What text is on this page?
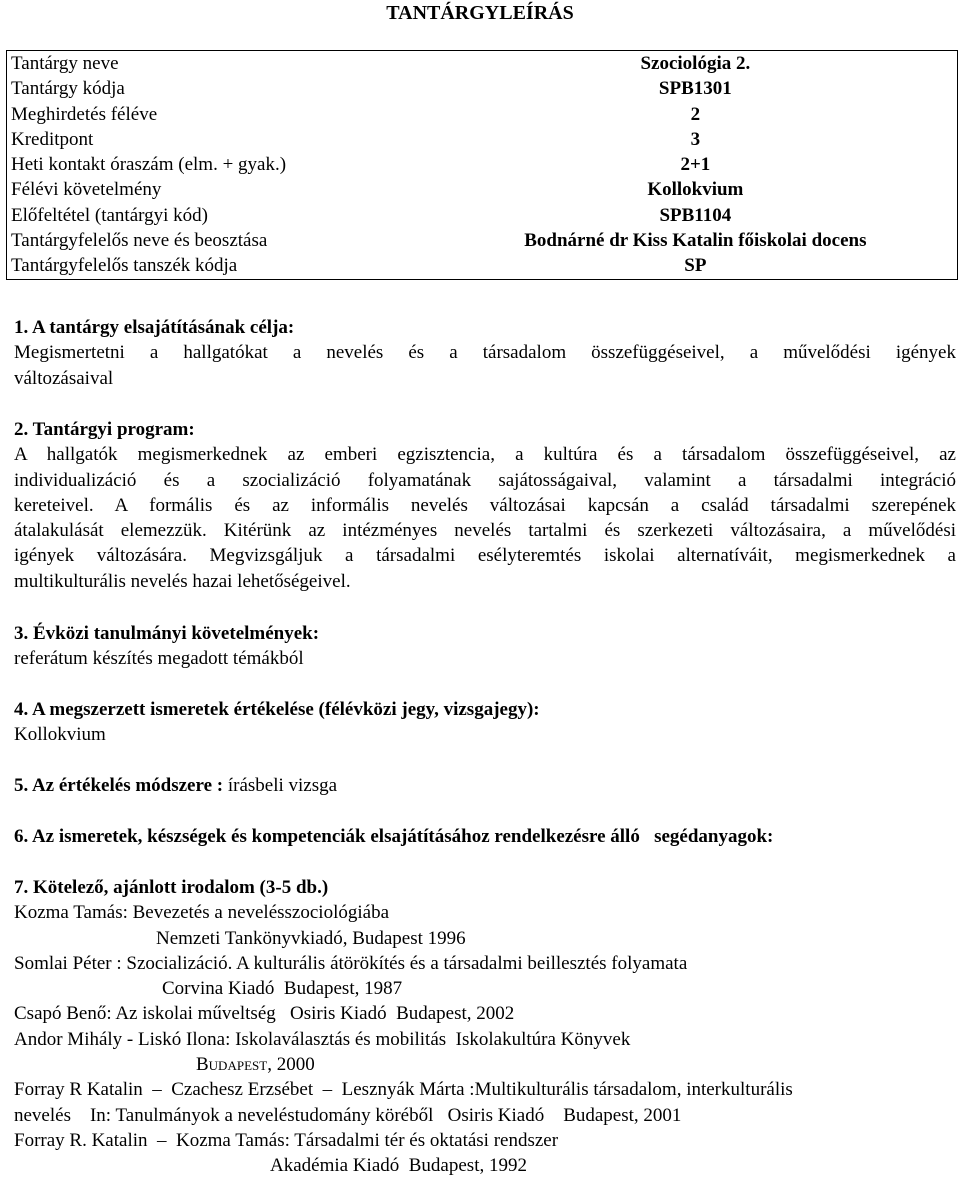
TANTÁRGYLEÍRÁS
Tantárgy neve	Szociológia 2.
Tantárgy kódja	SPB1301
Meghirdetés féléve	2
Kreditpont	3
Heti kontakt óraszám (elm. + gyak.)	2+1
Félévi követelmény	Kollokvium
Előfeltétel (tantárgyi kód)	SPB1104
Tantárgyfelelős neve és beosztása	Bodnárné dr Kiss Katalin főiskolai docens
Tantárgyfelelős tanszék kódja	SP
1. A tantárgy elsajátításának célja:
Megismertetni a hallgatókat a nevelés és a társadalom összefüggéseivel, a művelődési igények
változásaival
2. Tantárgyi program:
A hallgatók megismerkednek az emberi egzisztencia, a kultúra és a társadalom összefüggéseivel, az
individualizáció és a szocializáció folyamatának sajátosságaival, valamint a társadalmi integráció
kereteivel. A formális és az informális nevelés változásai kapcsán a család társadalmi szerepének
átalakulását elemezzük. Kitérünk az intézményes nevelés tartalmi és szerkezeti változásaira, a művelődési
igények változására. Megvizsgáljuk a társadalmi esélyteremtés iskolai alternatíváit, megismerkednek a
multikulturális nevelés hazai lehetőségeivel.
3. Évközi tanulmányi követelmények:
referátum készítés megadott témákból
4. A megszerzett ismeretek értékelése (félévközi jegy, vizsgajegy):
Kollokvium
5. Az értékelés módszere : írásbeli vizsga
6. Az ismeretek, készségek és kompetenciák elsajátításához rendelkezésre álló   segédanyagok:
7. Kötelező, ajánlott irodalom (3-5 db.)
Kozma Tamás: Bevezetés a nevelésszociológiába
Nemzeti Tankönyvkiadó, Budapest 1996
Somlai Péter : Szocializáció. A kulturális átörökítés és a társadalmi beillesztés folyamata
Corvina Kiadó  Budapest, 1987
Csapó Benő: Az iskolai műveltség   Osiris Kiadó  Budapest, 2002
Andor Mihály - Liskó Ilona: Iskolaválasztás és mobilitás  Iskolakultúra Könyvek
Budapest, 2000
Forray R Katalin  –  Czachesz Erzsébet  –  Lesznyák Márta :Multikulturális társadalom, interkulturális
nevelés    In: Tanulmányok a neveléstudomány köréből   Osiris Kiadó    Budapest, 2001
Forray R. Katalin  –  Kozma Tamás: Társadalmi tér és oktatási rendszer
Akadémia Kiadó  Budapest, 1992
